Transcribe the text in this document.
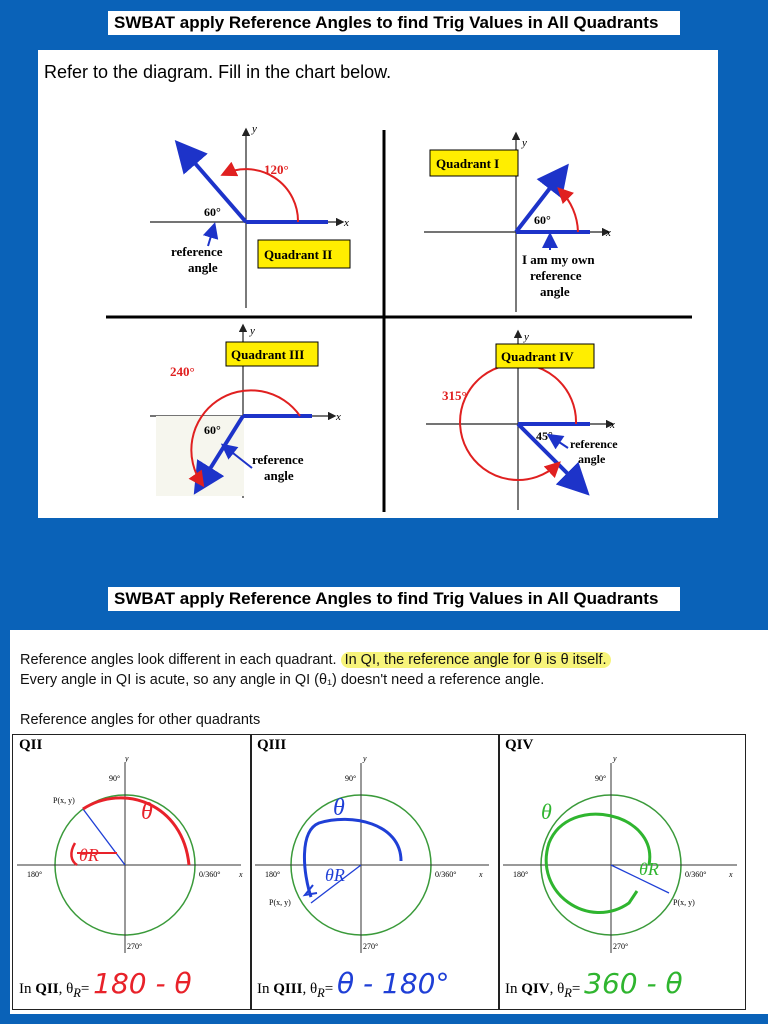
SWBAT apply Reference Angles to find Trig Values in All Quadrants
Refer to the diagram. Fill in the chart below.
x
y
120°
60°
reference
angle
Quadrant II
x
y
60°
I am my own
reference
angle
Quadrant I
x
y
240°
60°
reference
angle
Quadrant III
x
y
315°
45°
reference
angle
Quadrant IV
SWBAT apply Reference Angles to find Trig Values in All Quadrants
Reference angles look different in each quadrant. In QI, the reference angle for θ is θ itself.
Every angle in QI is acute, so any angle in QI (θ₁) doesn't need a reference angle.
Reference angles for other quadrants
QII
y
90°
180°	0/360° x
270°
P(x, y)	θ
θR
In QII, $\theta_R= 180 - \theta$
QIII
y
90°
180°	0/360°	x
270°
P(x, y)
θ
θR
In QIII, $\theta_R= \theta - 180^\circ$
QIV
y
90°
180°	0/360°	x
270°
P(x, y)
θ
θR
In QIV, $\theta_R= 360 - \theta$
